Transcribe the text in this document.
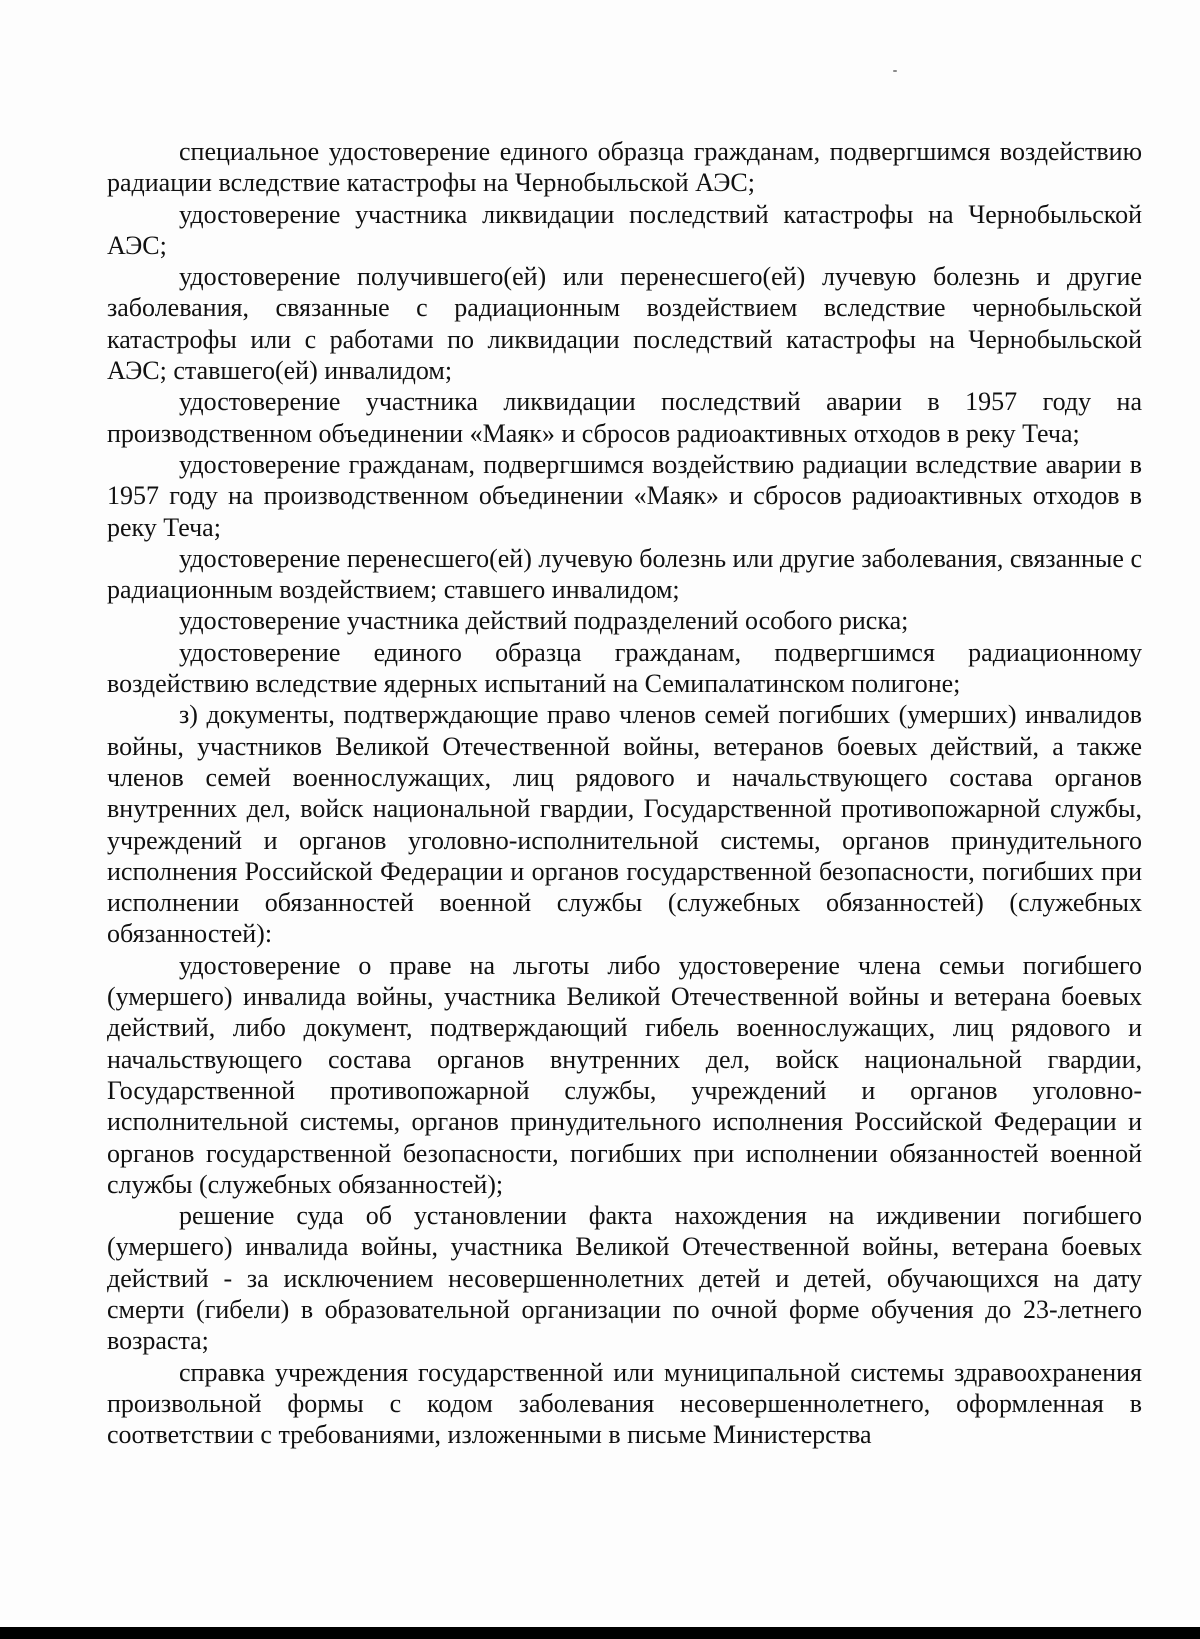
специальное удостоверение единого образца гражданам, подвергшимся воздействию радиации вследствие катастрофы на Чернобыльской АЭС;

удостоверение участника ликвидации последствий катастрофы на Чернобыльской АЭС;

удостоверение получившего(ей) или перенесшего(ей) лучевую болезнь и другие заболевания, связанные с радиационным воздействием вследствие чернобыльской катастрофы или с работами по ликвидации последствий катастрофы на Чернобыльской АЭС; ставшего(ей) инвалидом;

удостоверение участника ликвидации последствий аварии в 1957 году на производственном объединении «Маяк» и сбросов радиоактивных отходов в реку Теча;

удостоверение гражданам, подвергшимся воздействию радиации вследствие аварии в 1957 году на производственном объединении «Маяк» и сбросов радиоактивных отходов в реку Теча;

удостоверение перенесшего(ей) лучевую болезнь или другие заболевания, связанные с радиационным воздействием; ставшего инвалидом;

удостоверение участника действий подразделений особого риска;

удостоверение единого образца гражданам, подвергшимся радиационному воздействию вследствие ядерных испытаний на Семипалатинском полигоне;

з) документы, подтверждающие право членов семей погибших (умерших) инвалидов войны, участников Великой Отечественной войны, ветеранов боевых действий, а также членов семей военнослужащих, лиц рядового и начальствующего состава органов внутренних дел, войск национальной гвардии, Государственной противопожарной службы, учреждений и органов уголовно-исполнительной системы, органов принудительного исполнения Российской Федерации и органов государственной безопасности, погибших при исполнении обязанностей военной службы (служебных обязанностей) (служебных обязанностей):

удостоверение о праве на льготы либо удостоверение члена семьи погибшего (умершего) инвалида войны, участника Великой Отечественной войны и ветерана боевых действий, либо документ, подтверждающий гибель военнослужащих, лиц рядового и начальствующего состава органов внутренних дел, войск национальной гвардии, Государственной противопожарной службы, учреждений и органов уголовно-исполнительной системы, органов принудительного исполнения Российской Федерации и органов государственной безопасности, погибших при исполнении обязанностей военной службы (служебных обязанностей);

решение суда об установлении факта нахождения на иждивении погибшего (умершего) инвалида войны, участника Великой Отечественной войны, ветерана боевых действий - за исключением несовершеннолетних детей и детей, обучающихся на дату смерти (гибели) в образовательной организации по очной форме обучения до 23-летнего возраста;

справка учреждения государственной или муниципальной системы здравоохранения произвольной формы с кодом заболевания несовершеннолетнего, оформленная в соответствии с требованиями, изложенными в письме Министерства
